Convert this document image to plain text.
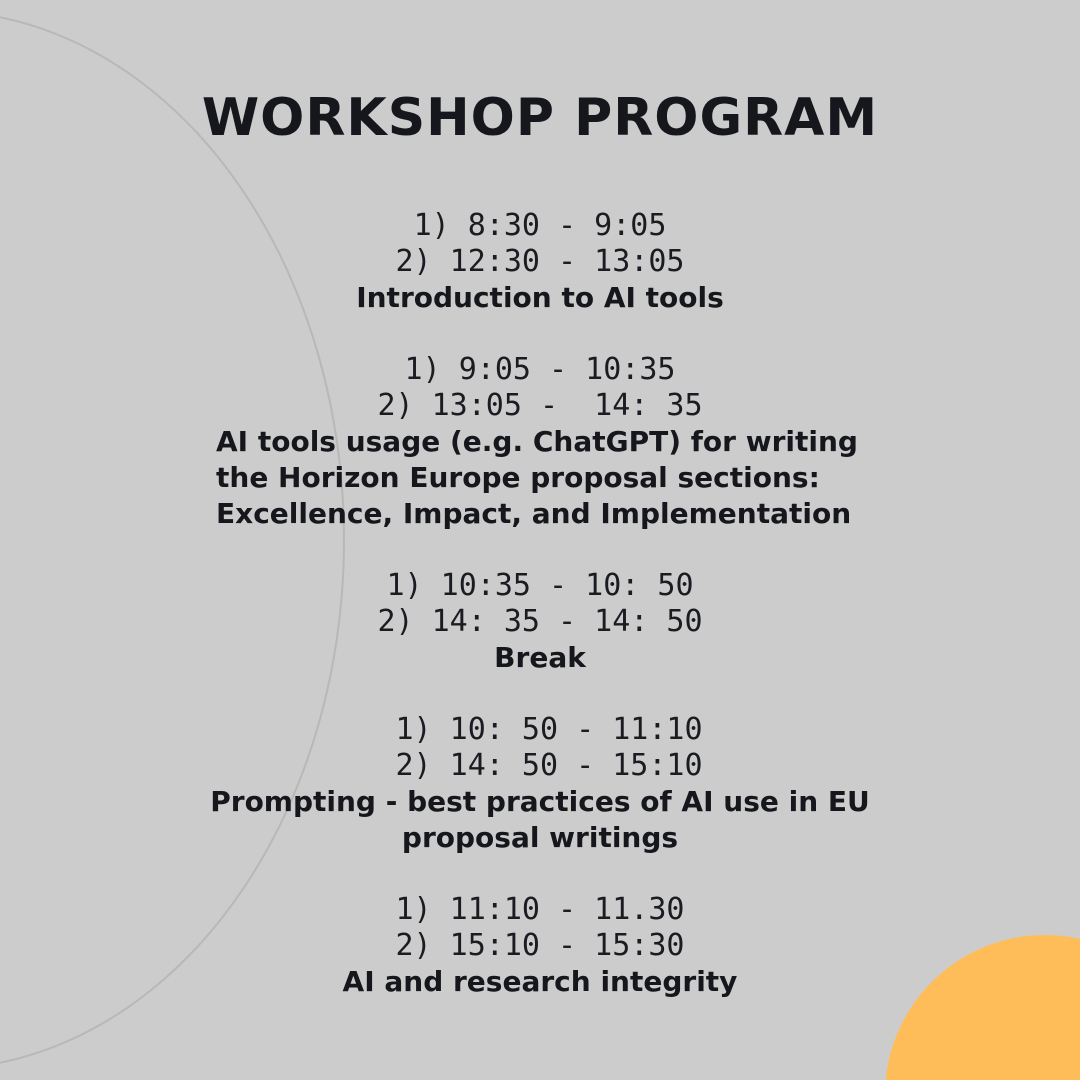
WORKSHOP PROGRAM
1) 8:30 - 9:05
2) 12:30 - 13:05
Introduction to AI tools
1) 9:05 - 10:35
2) 13:05 -  14: 35
AI tools usage (e.g. ChatGPT) for writing the Horizon Europe proposal sections: Excellence, Impact, and Implementation
1) 10:35 - 10: 50
2) 14: 35 - 14: 50
Break
1) 10: 50 - 11:10
2) 14: 50 - 15:10
Prompting - best practices of AI use in EU proposal writings
1) 11:10 - 11.30
2) 15:10 - 15:30
AI and research integrity
